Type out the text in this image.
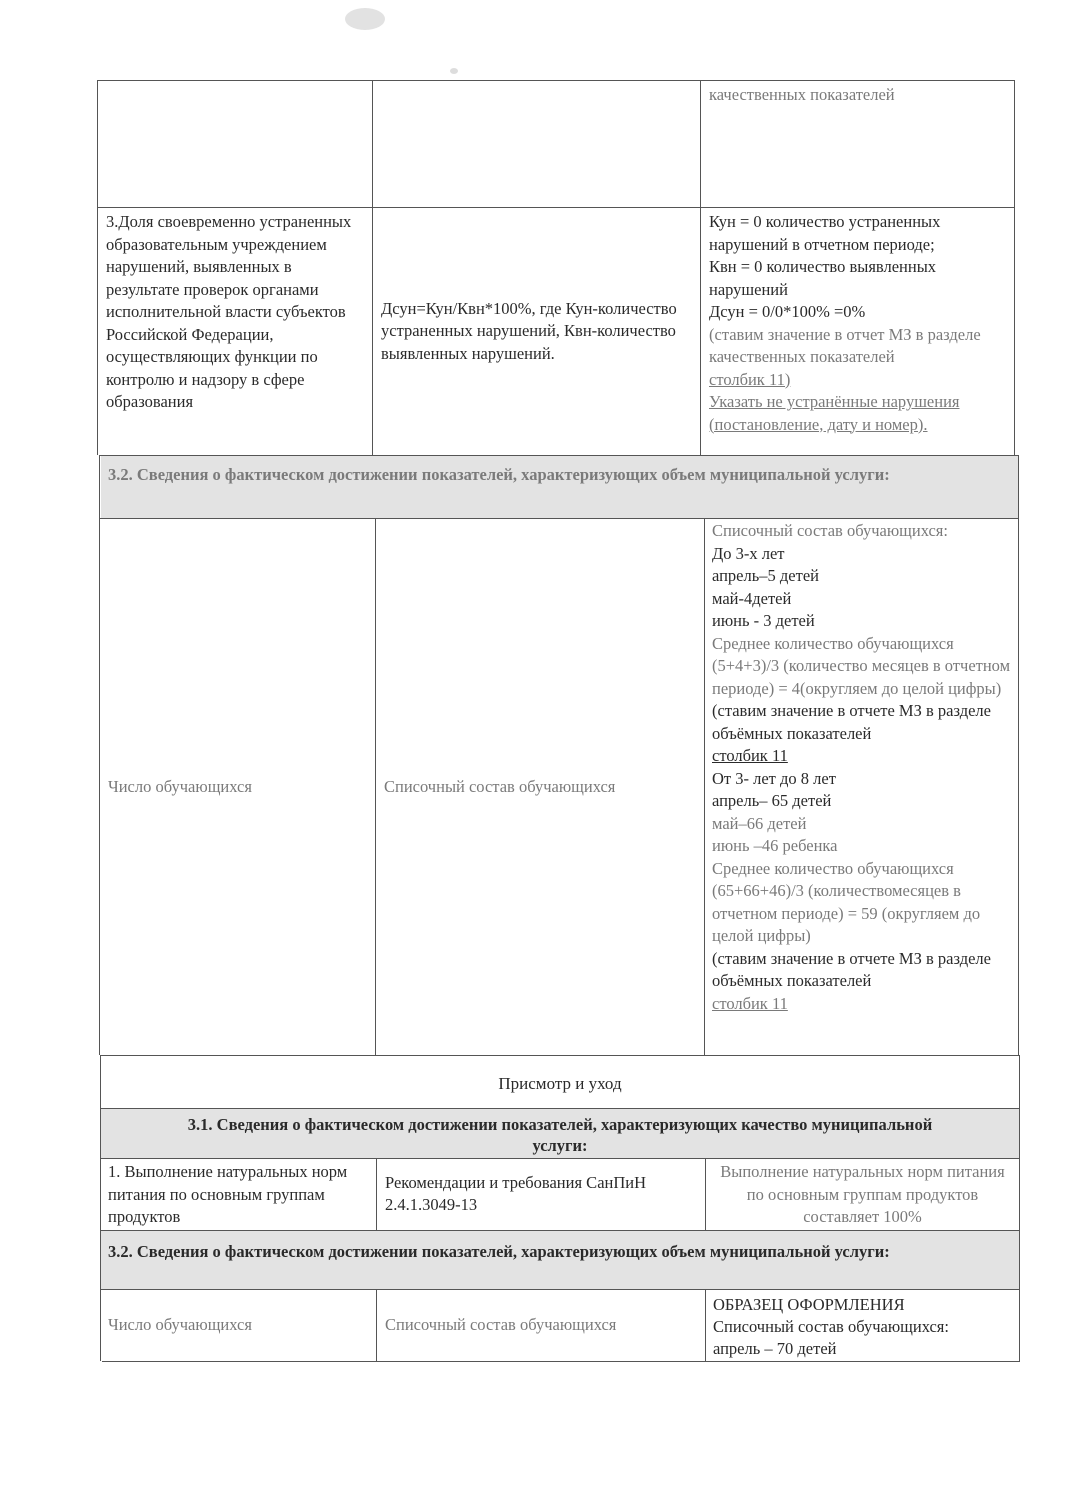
качественных показателей
3.Доля своевременно устраненных образовательным учреждением нарушений, выявленных в результате проверок органами исполнительной власти субъектов Российской Федерации, осуществляющих функции по контролю и надзору в сфере образования
Дсун=Кун/Квн*100%, где Кун-количество устраненных нарушений, Квн-количество выявленных нарушений.
Кун = 0 количество устраненных нарушений в отчетном периоде;
Квн = 0 количество выявленных нарушений
Дсун = 0/0*100% =0%
(ставим значение в отчет МЗ в разделе качественных показателей
столбик 11)
Указать не устранённые нарушения (постановление, дату и номер).
3.2. Сведения о фактическом достижении показателей, характеризующих объем муниципальной услуги:
Число обучающихся	Списочный состав обучающихся
Списочный состав обучающихся:
До 3-х лет
апрель–5 детей
май-4детей
июнь - 3 детей
Среднее количество обучающихся (5+4+3)/3 (количество месяцев в отчетном периоде) = 4(округляем до целой цифры)
(ставим значение в отчете МЗ в разделе объёмных показателей
столбик 11
От 3- лет до 8 лет
апрель– 65 детей
май–66 детей
июнь –46 ребенка
Среднее количество обучающихся (65+66+46)/3 (количествомесяцев в отчетном периоде) = 59 (округляем до целой цифры)
(ставим значение в отчете МЗ в разделе объёмных показателей
столбик 11
Присмотр и уход
3.1. Сведения о фактическом достижении показателей, характеризующих качество муниципальной услуги:
1. Выполнение натуральных норм питания по основным группам продуктов
Рекомендации и требования СанПиН 2.4.1.3049-13
Выполнение натуральных норм питания по основным группам продуктов составляет 100%
3.2. Сведения о фактическом достижении показателей, характеризующих объем муниципальной услуги:
Число обучающихся	Списочный состав обучающихся
ОБРАЗЕЦ ОФОРМЛЕНИЯ
Списочный состав обучающихся:
апрель – 70 детей
